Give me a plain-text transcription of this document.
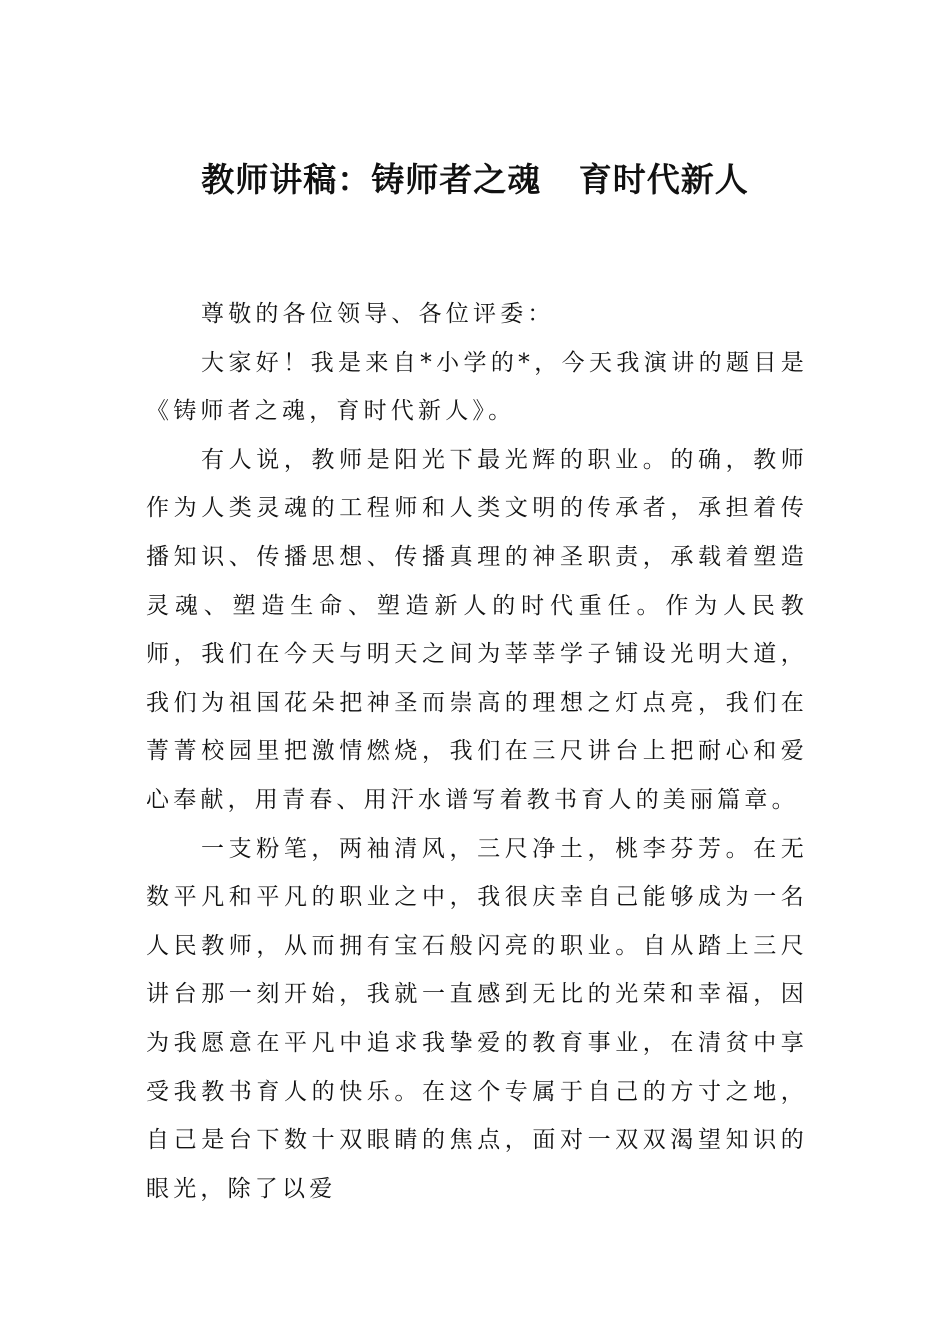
教师讲稿：铸师者之魂   育时代新人

尊敬的各位领导、各位评委：

大家好！我是来自*小学的*，今天我演讲的题目是《铸师者之魂，育时代新人》。

有人说，教师是阳光下最光辉的职业。的确，教师作为人类灵魂的工程师和人类文明的传承者，承担着传播知识、传播思想、传播真理的神圣职责，承载着塑造灵魂、塑造生命、塑造新人的时代重任。作为人民教师，我们在今天与明天之间为莘莘学子铺设光明大道，我们为祖国花朵把神圣而崇高的理想之灯点亮，我们在菁菁校园里把激情燃烧，我们在三尺讲台上把耐心和爱心奉献，用青春、用汗水谱写着教书育人的美丽篇章。

一支粉笔，两袖清风，三尺净土，桃李芬芳。在无数平凡和平凡的职业之中，我很庆幸自己能够成为一名人民教师，从而拥有宝石般闪亮的职业。自从踏上三尺讲台那一刻开始，我就一直感到无比的光荣和幸福，因为我愿意在平凡中追求我挚爱的教育事业，在清贫中享受我教书育人的快乐。在这个专属于自己的方寸之地，自己是台下数十双眼睛的焦点，面对一双双渴望知识的眼光，除了以爱
